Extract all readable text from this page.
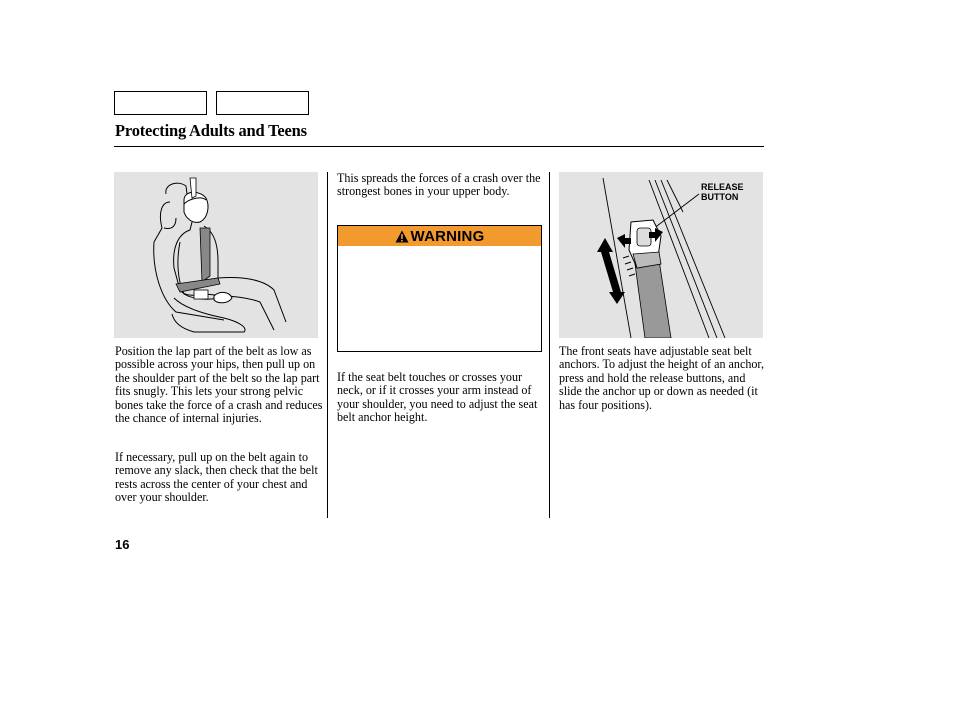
Protecting Adults and Teens
RELEASE
BUTTON

Position the lap part of the belt as low as possible across your hips, then pull up on the shoulder part of the belt so the lap part fits snugly. This lets your strong pelvic bones take the force of a crash and reduces the chance of internal injuries.

If necessary, pull up on the belt again to remove any slack, then check that the belt rests across the center of your chest and over your shoulder.

This spreads the forces of a crash over the strongest bones in your upper body.

WARNING

If the seat belt touches or crosses your neck, or if it crosses your arm instead of your shoulder, you need to adjust the seat belt anchor height.

The front seats have adjustable seat belt anchors. To adjust the height of an anchor, press and hold the release buttons, and slide the anchor up or down as needed (it has four positions).

16
